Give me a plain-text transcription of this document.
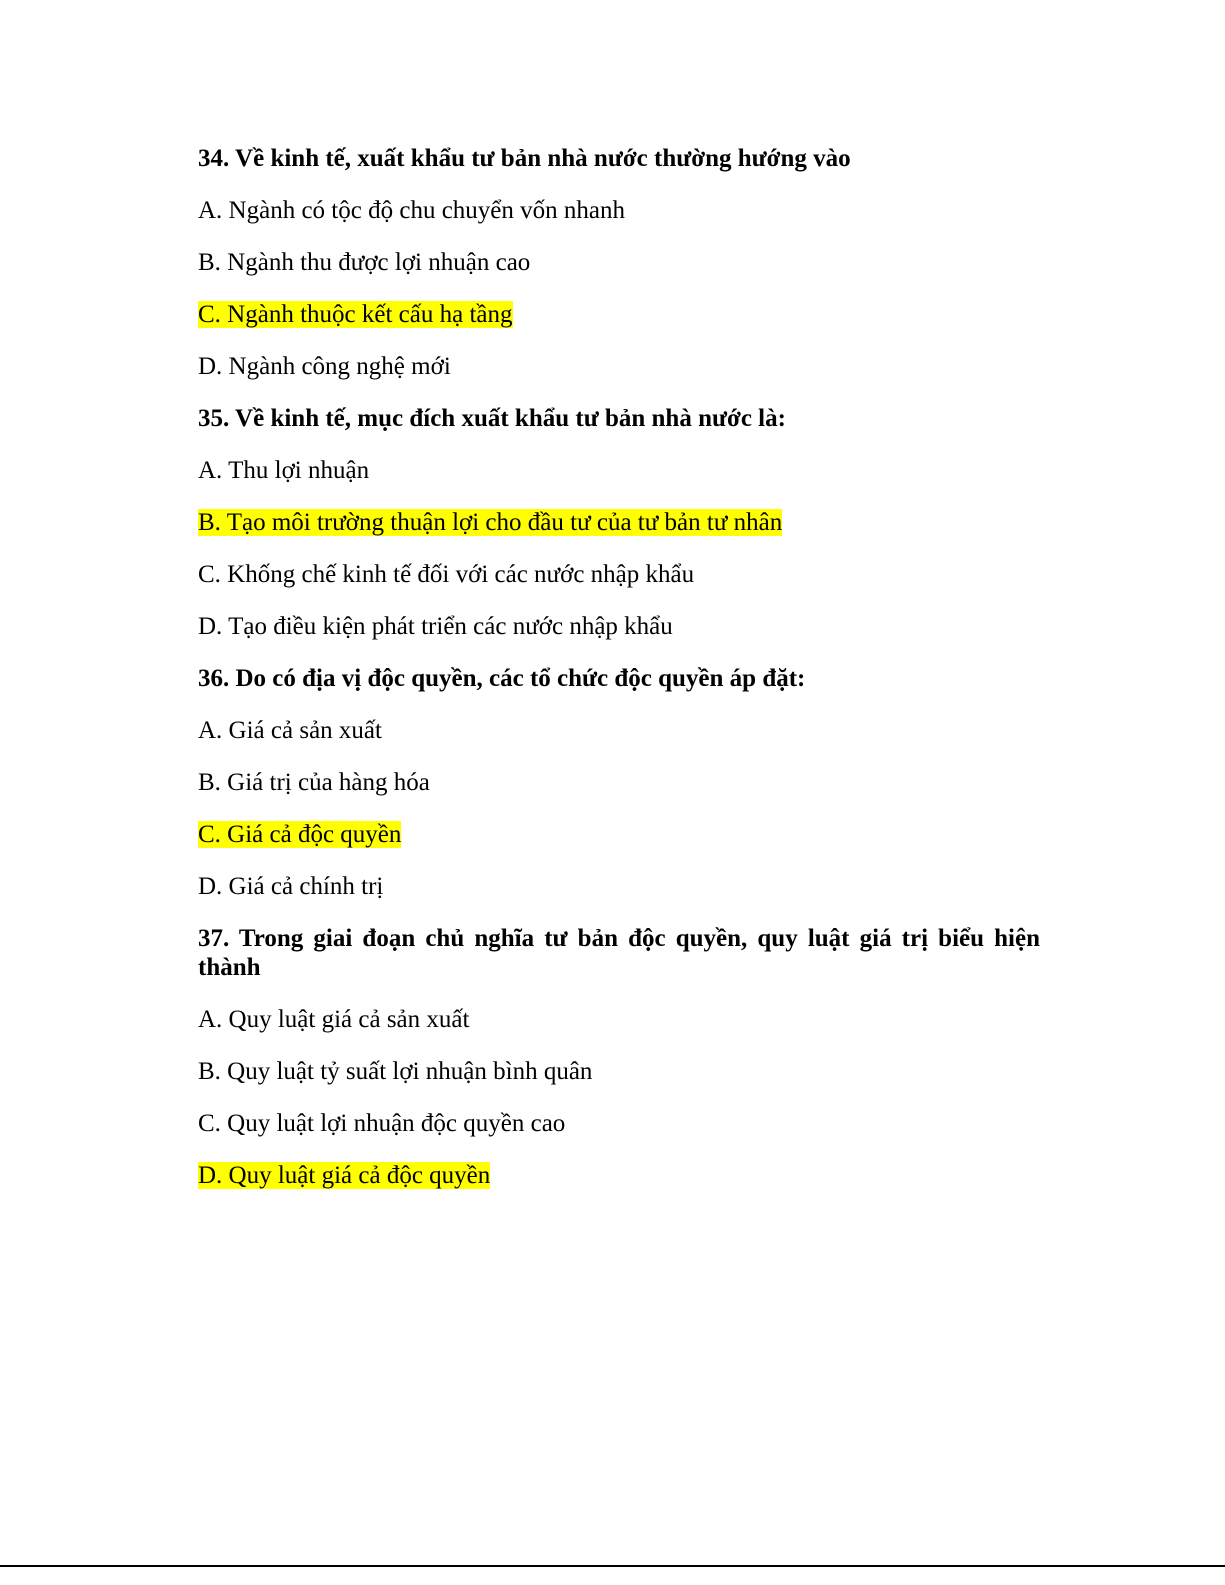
34. Về kinh tế, xuất khẩu tư bản nhà nước thường hướng vào

A. Ngành có tộc độ chu chuyển vốn nhanh

B. Ngành thu được lợi nhuận cao

C. Ngành thuộc kết cấu hạ tầng

D. Ngành công nghệ mới

35. Về kinh tế, mục đích xuất khẩu tư bản nhà nước là:

A. Thu lợi nhuận

B. Tạo môi trường thuận lợi cho đầu tư của tư bản tư nhân

C. Khống chế kinh tế đối với các nước nhập khẩu

D. Tạo điều kiện phát triển các nước nhập khẩu

36. Do có địa vị độc quyền, các tổ chức độc quyền áp đặt:

A. Giá cả sản xuất

B. Giá trị của hàng hóa

C. Giá cả độc quyền

D. Giá cả chính trị

37. Trong giai đoạn chủ nghĩa tư bản độc quyền, quy luật giá trị biểu hiện thành

A. Quy luật giá cả sản xuất

B. Quy luật tỷ suất lợi nhuận bình quân

C. Quy luật lợi nhuận độc quyền cao

D. Quy luật giá cả độc quyền
